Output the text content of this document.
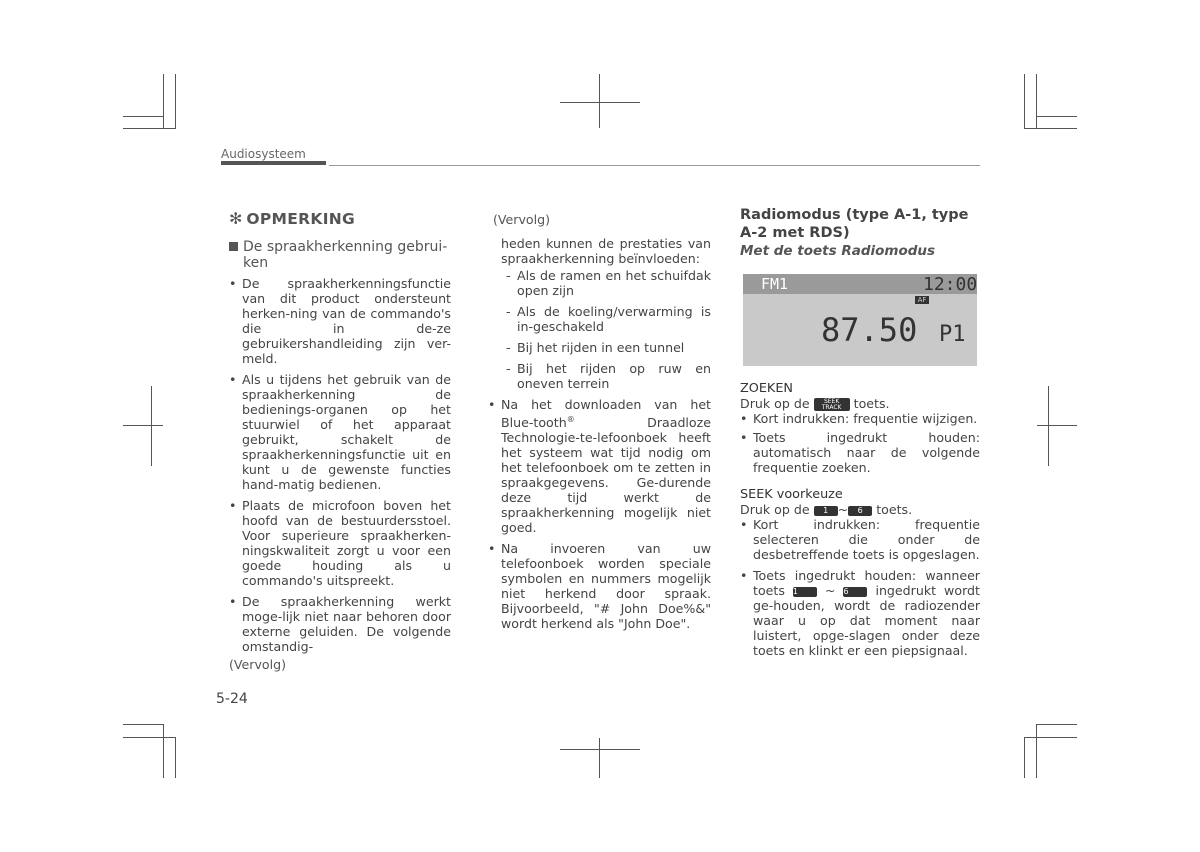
Audiosysteem
✻ OPMERKING
De spraakherkenning gebrui-ken

• De spraakherkenningsfunctie van dit product ondersteunt herken-ning van de commando's die in de-ze gebruikershandleiding zijn ver-meld.

• Als u tijdens het gebruik van de spraakherkenning de bedienings-organen op het stuurwiel of het apparaat gebruikt, schakelt de spraakherkenningsfunctie uit en kunt u de gewenste functies hand-matig bedienen.

• Plaats de microfoon boven het hoofd van de bestuurdersstoel. Voor superieure spraakherken-ningskwaliteit zorgt u voor een goede houding als u commando's uitspreekt.

• De spraakherkenning werkt moge-lijk niet naar behoren door externe geluiden. De volgende omstandig-

(Vervolg)
(Vervolg)

heden kunnen de prestaties van spraakherkenning beïnvloeden:

- Als de ramen en het schuifdak open zijn

- Als de koeling/verwarming is in-geschakeld

- Bij het rijden in een tunnel

- Bij het rijden op ruw en oneven terrein

• Na het downloaden van het Blue-tooth® Draadloze Technologie-te-lefoonboek heeft het systeem wat tijd nodig om het telefoonboek om te zetten in spraakgegevens. Ge-durende deze tijd werkt de spraakherkenning mogelijk niet goed.

• Na invoeren van uw telefoonboek worden speciale symbolen en nummers mogelijk niet herkend door spraak. Bijvoorbeeld, "# John Doe%&" wordt herkend als "John Doe".

Radiomodus (type A-1, type A-2 met RDS)
Met de toets Radiomodus
FM1	12:00
AF
87.50 P1
ZOEKEN
Druk op de	SEEK
TRACK toets.

• Kort indrukken: frequentie wijzigen.

• Toets ingedrukt houden: automatisch naar de volgende frequentie zoeken.

SEEK voorkeuze
Druk op de 1 ~ 6 toets.

• Kort indrukken: frequentie selecteren die onder de desbetreffende toets is opgeslagen.

• Toets ingedrukt houden: wanneer toets 1 ~ 6 ingedrukt wordt ge-houden, wordt de radiozender waar u op dat moment naar luistert, opge-slagen onder deze toets en klinkt er een piepsignaal.

5-24
